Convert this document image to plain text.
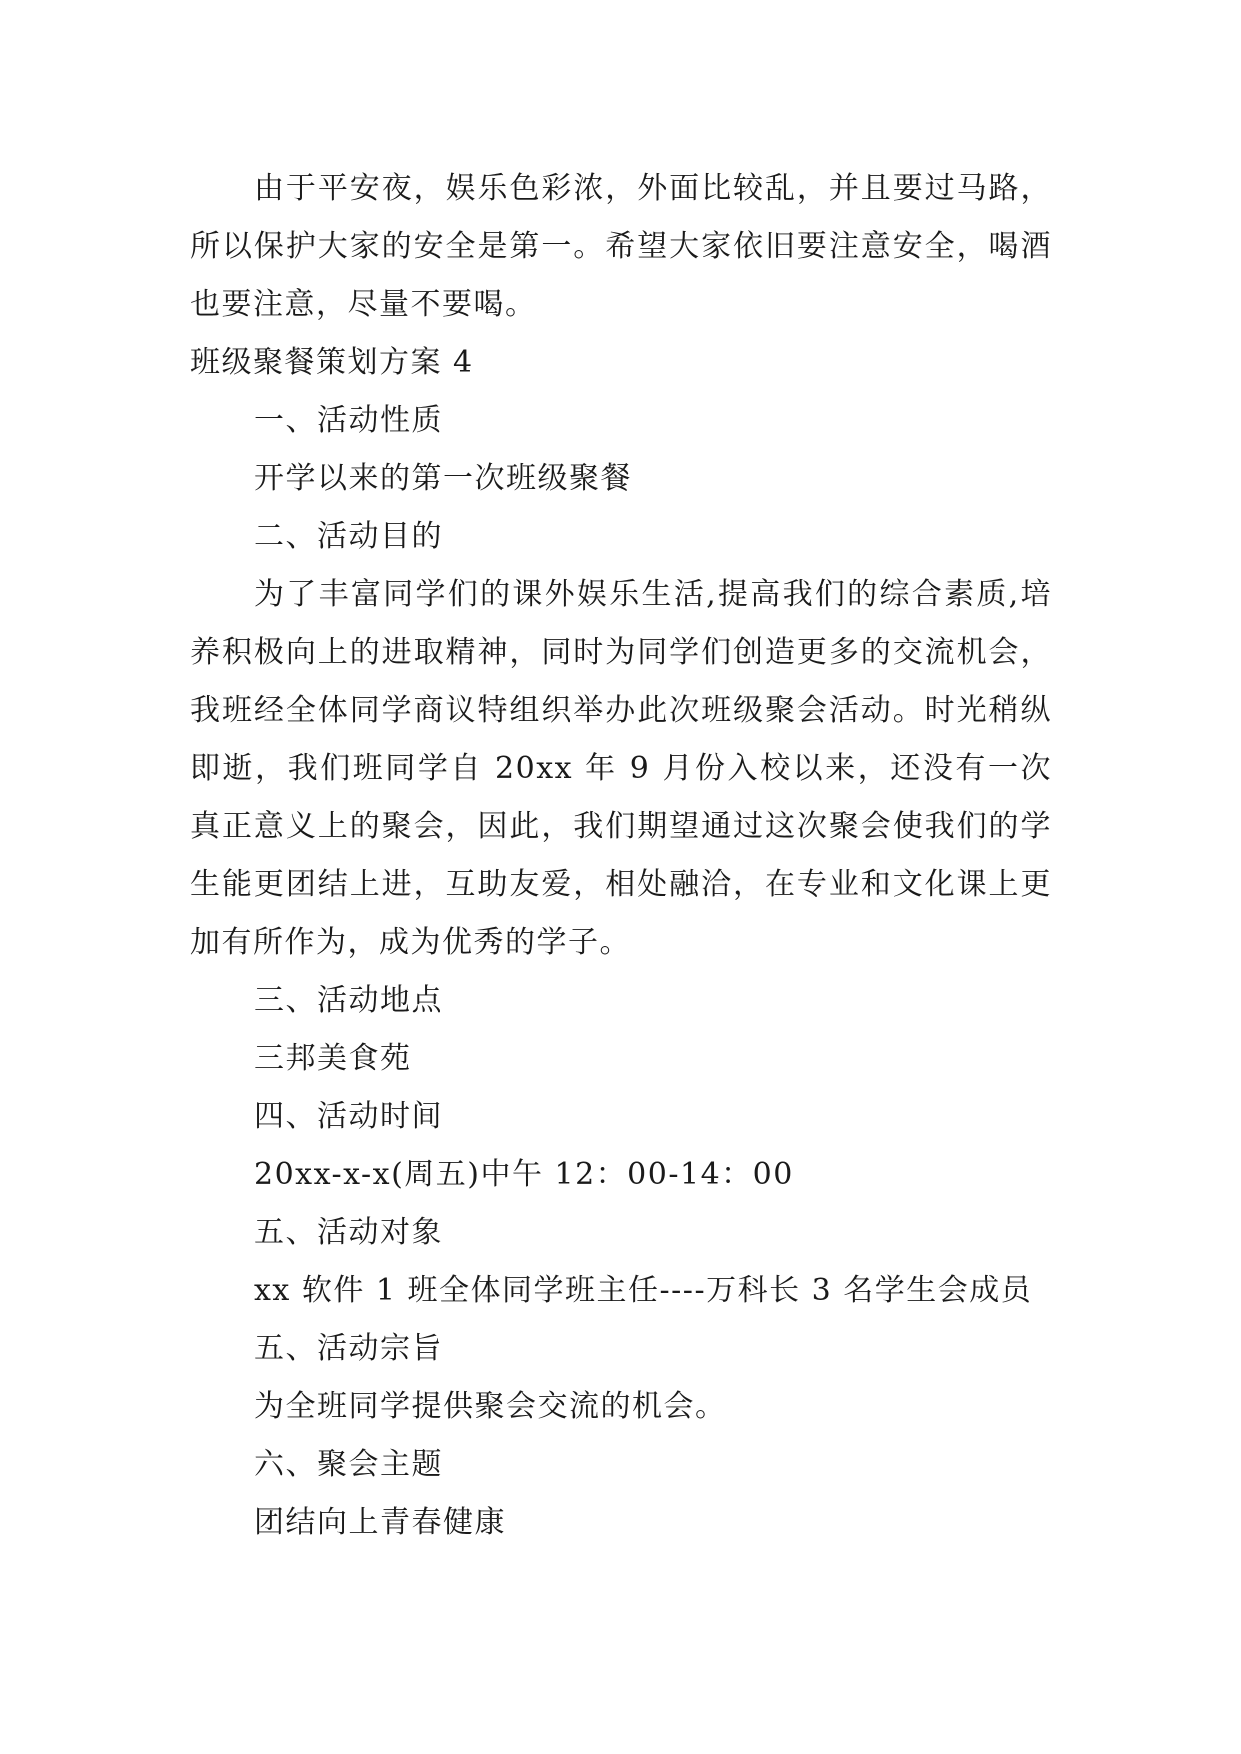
由于平安夜，娱乐色彩浓，外面比较乱，并且要过马路，所以保护大家的安全是第一。希望大家依旧要注意安全，喝酒也要注意，尽量不要喝。

班级聚餐策划方案 4

一、活动性质

开学以来的第一次班级聚餐

二、活动目的

为了丰富同学们的课外娱乐生活,提高我们的综合素质,培养积极向上的进取精神，同时为同学们创造更多的交流机会，我班经全体同学商议特组织举办此次班级聚会活动。时光稍纵即逝，我们班同学自 20xx 年 9 月份入校以来，还没有一次真正意义上的聚会，因此，我们期望通过这次聚会使我们的学生能更团结上进，互助友爱，相处融洽，在专业和文化课上更加有所作为，成为优秀的学子。

三、活动地点

三邦美食苑

四、活动时间

20xx-x-x(周五)中午 12：00-14：00

五、活动对象

xx 软件 1 班全体同学班主任----万科长 3 名学生会成员

五、活动宗旨

为全班同学提供聚会交流的机会。

六、聚会主题

团结向上青春健康
